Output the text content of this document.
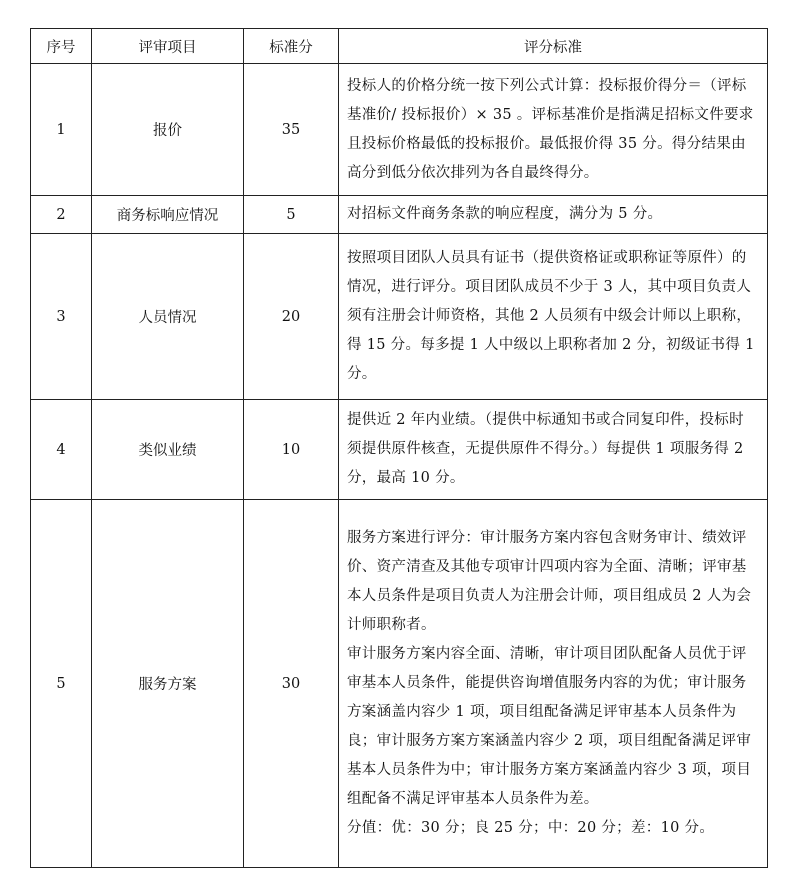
序号	评审项目	标准分	评分标准
1	报价	35	投标人的价格分统一按下列公式计算：投标报价得分＝（评标基准价/ 投标报价）× 35 。评标基准价是指满足招标文件要求且投标价格最低的投标报价。最低报价得 35 分。得分结果由高分到低分依次排列为各自最终得分。

2	商务标响应情况	5	对招标文件商务条款的响应程度，满分为 5 分。

3	人员情况	20	按照项目团队人员具有证书（提供资格证或职称证等原件）的情况，进行评分。项目团队成员不少于 3 人，其中项目负责人须有注册会计师资格，其他 2 人员须有中级会计师以上职称，得 15 分。每多提 1 人中级以上职称者加 2 分，初级证书得 1 分。

4	类似业绩	10	提供近 2 年内业绩。（提供中标通知书或合同复印件，投标时须提供原件核查，无提供原件不得分。）每提供 1 项服务得 2 分，最高 10 分。

5	服务方案	30	服务方案进行评分：审计服务方案内容包含财务审计、绩效评价、资产清查及其他专项审计四项内容为全面、清晰；评审基本人员条件是项目负责人为注册会计师，项目组成员 2 人为会计师职称者。
审计服务方案内容全面、清晰，审计项目团队配备人员优于评审基本人员条件，能提供咨询增值服务内容的为优；审计服务方案涵盖内容少 1 项，项目组配备满足评审基本人员条件为良；审计服务方案方案涵盖内容少 2 项，项目组配备满足评审基本人员条件为中；审计服务方案方案涵盖内容少 3 项，项目组配备不满足评审基本人员条件为差。
分值：优：30 分；良 25 分；中：20 分；差：10 分。
